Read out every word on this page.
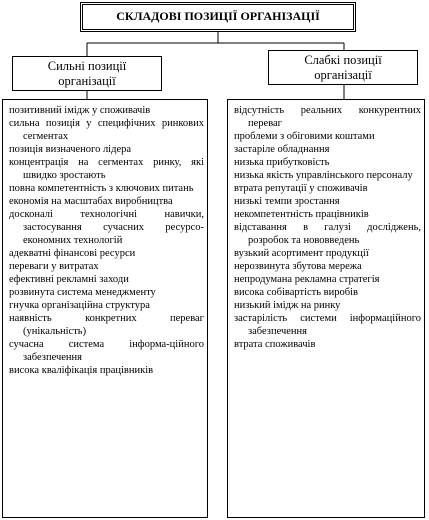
СКЛАДОВІ ПОЗИЦІЇ ОРГАНІЗАЦІЇ
Сильні позиції
організації
Слабкі позиції
організації

позитивний імідж у споживачів

сильна позиція у специфічних ринкових сегментах

позиція визначеного лідера

концентрація на сегментах ринку, які швидко зростають

повна компетентність з ключових питань

економія на масштабах виробництва

досконалі технологічні навички, застосування сучасних ресурсо-економних технологій

адекватні фінансові ресурси

переваги у витратах

ефективні рекламні заходи

розвинута система менеджменту

гнучка організаційна структура

наявність конкретних переваг (унікальність)

сучасна система інформа-ційного забезпечення

висока кваліфікація працівників

відсутність реальних конкурентних переваг

проблеми з обіговими коштами

застаріле обладнання

низька прибутковість

низька якість управлінського персоналу

втрата репутації у споживачів

низькі темпи зростання

некомпетентність працівників

відставання в галузі досліджень, розробок та нововведень

вузький асортимент продукції

нерозвинута збутова мережа

непродумана рекламна стратегія

висока собівартість виробів

низький імідж на ринку

застарілість системи інформаційного забезпечення

втрата споживачів
